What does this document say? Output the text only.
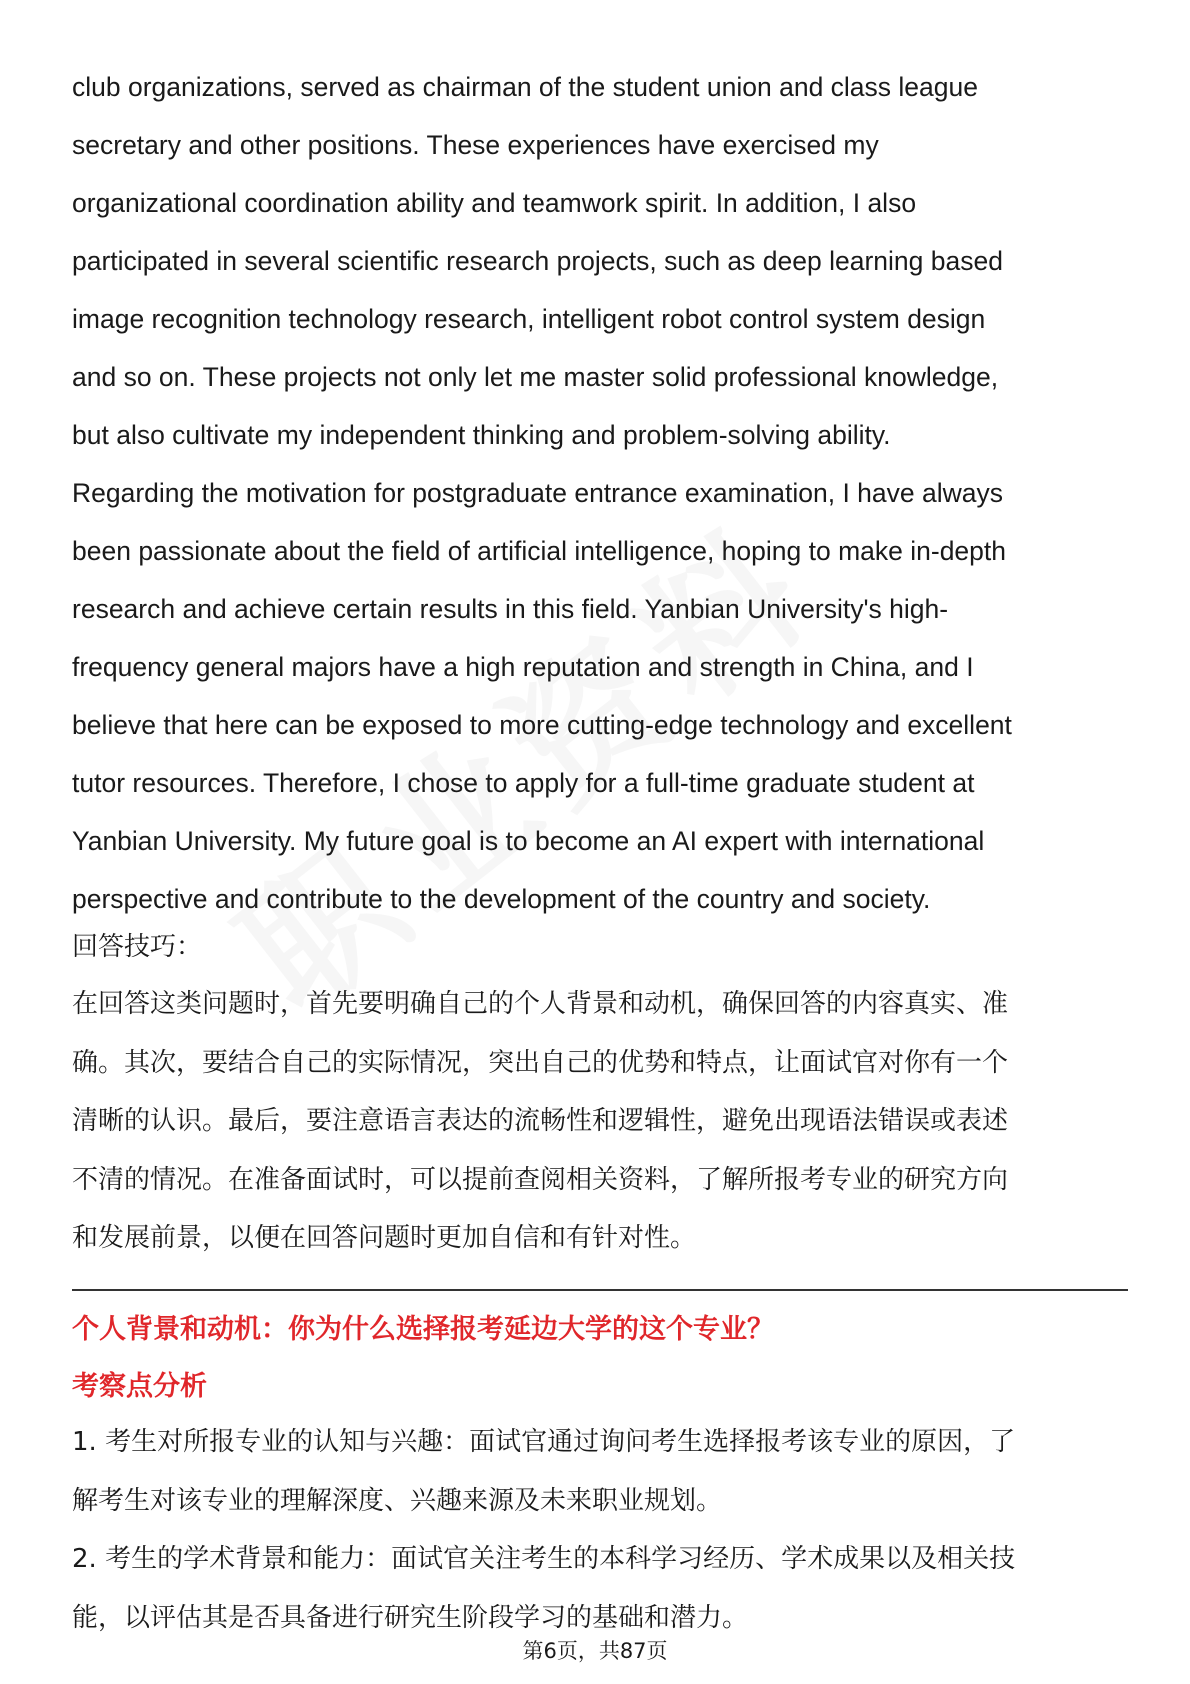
club organizations, served as chairman of the student union and class league
secretary and other positions. These experiences have exercised my
organizational coordination ability and teamwork spirit. In addition, I also
participated in several scientific research projects, such as deep learning based
image recognition technology research, intelligent robot control system design
and so on. These projects not only let me master solid professional knowledge,
but also cultivate my independent thinking and problem-solving ability.
Regarding the motivation for postgraduate entrance examination, I have always
been passionate about the field of artificial intelligence, hoping to make in-depth
research and achieve certain results in this field. Yanbian University's high-
frequency general majors have a high reputation and strength in China, and I
believe that here can be exposed to more cutting-edge technology and excellent
tutor resources. Therefore, I chose to apply for a full-time graduate student at
Yanbian University. My future goal is to become an AI expert with international
perspective and contribute to the development of the country and society.
回答技巧：
在回答这类问题时，首先要明确自己的个人背景和动机，确保回答的内容真实、准
确。其次，要结合自己的实际情况，突出自己的优势和特点，让面试官对你有一个
清晰的认识。最后，要注意语言表达的流畅性和逻辑性，避免出现语法错误或表述
不清的情况。在准备面试时，可以提前查阅相关资料，了解所报考专业的研究方向
和发展前景，以便在回答问题时更加自信和有针对性。
个人背景和动机：你为什么选择报考延边大学的这个专业？
考察点分析
1. 考生对所报专业的认知与兴趣：面试官通过询问考生选择报考该专业的原因，了
解考生对该专业的理解深度、兴趣来源及未来职业规划。
2. 考生的学术背景和能力：面试官关注考生的本科学习经历、学术成果以及相关技
能，以评估其是否具备进行研究生阶段学习的基础和潜力。
第6页，共87页
